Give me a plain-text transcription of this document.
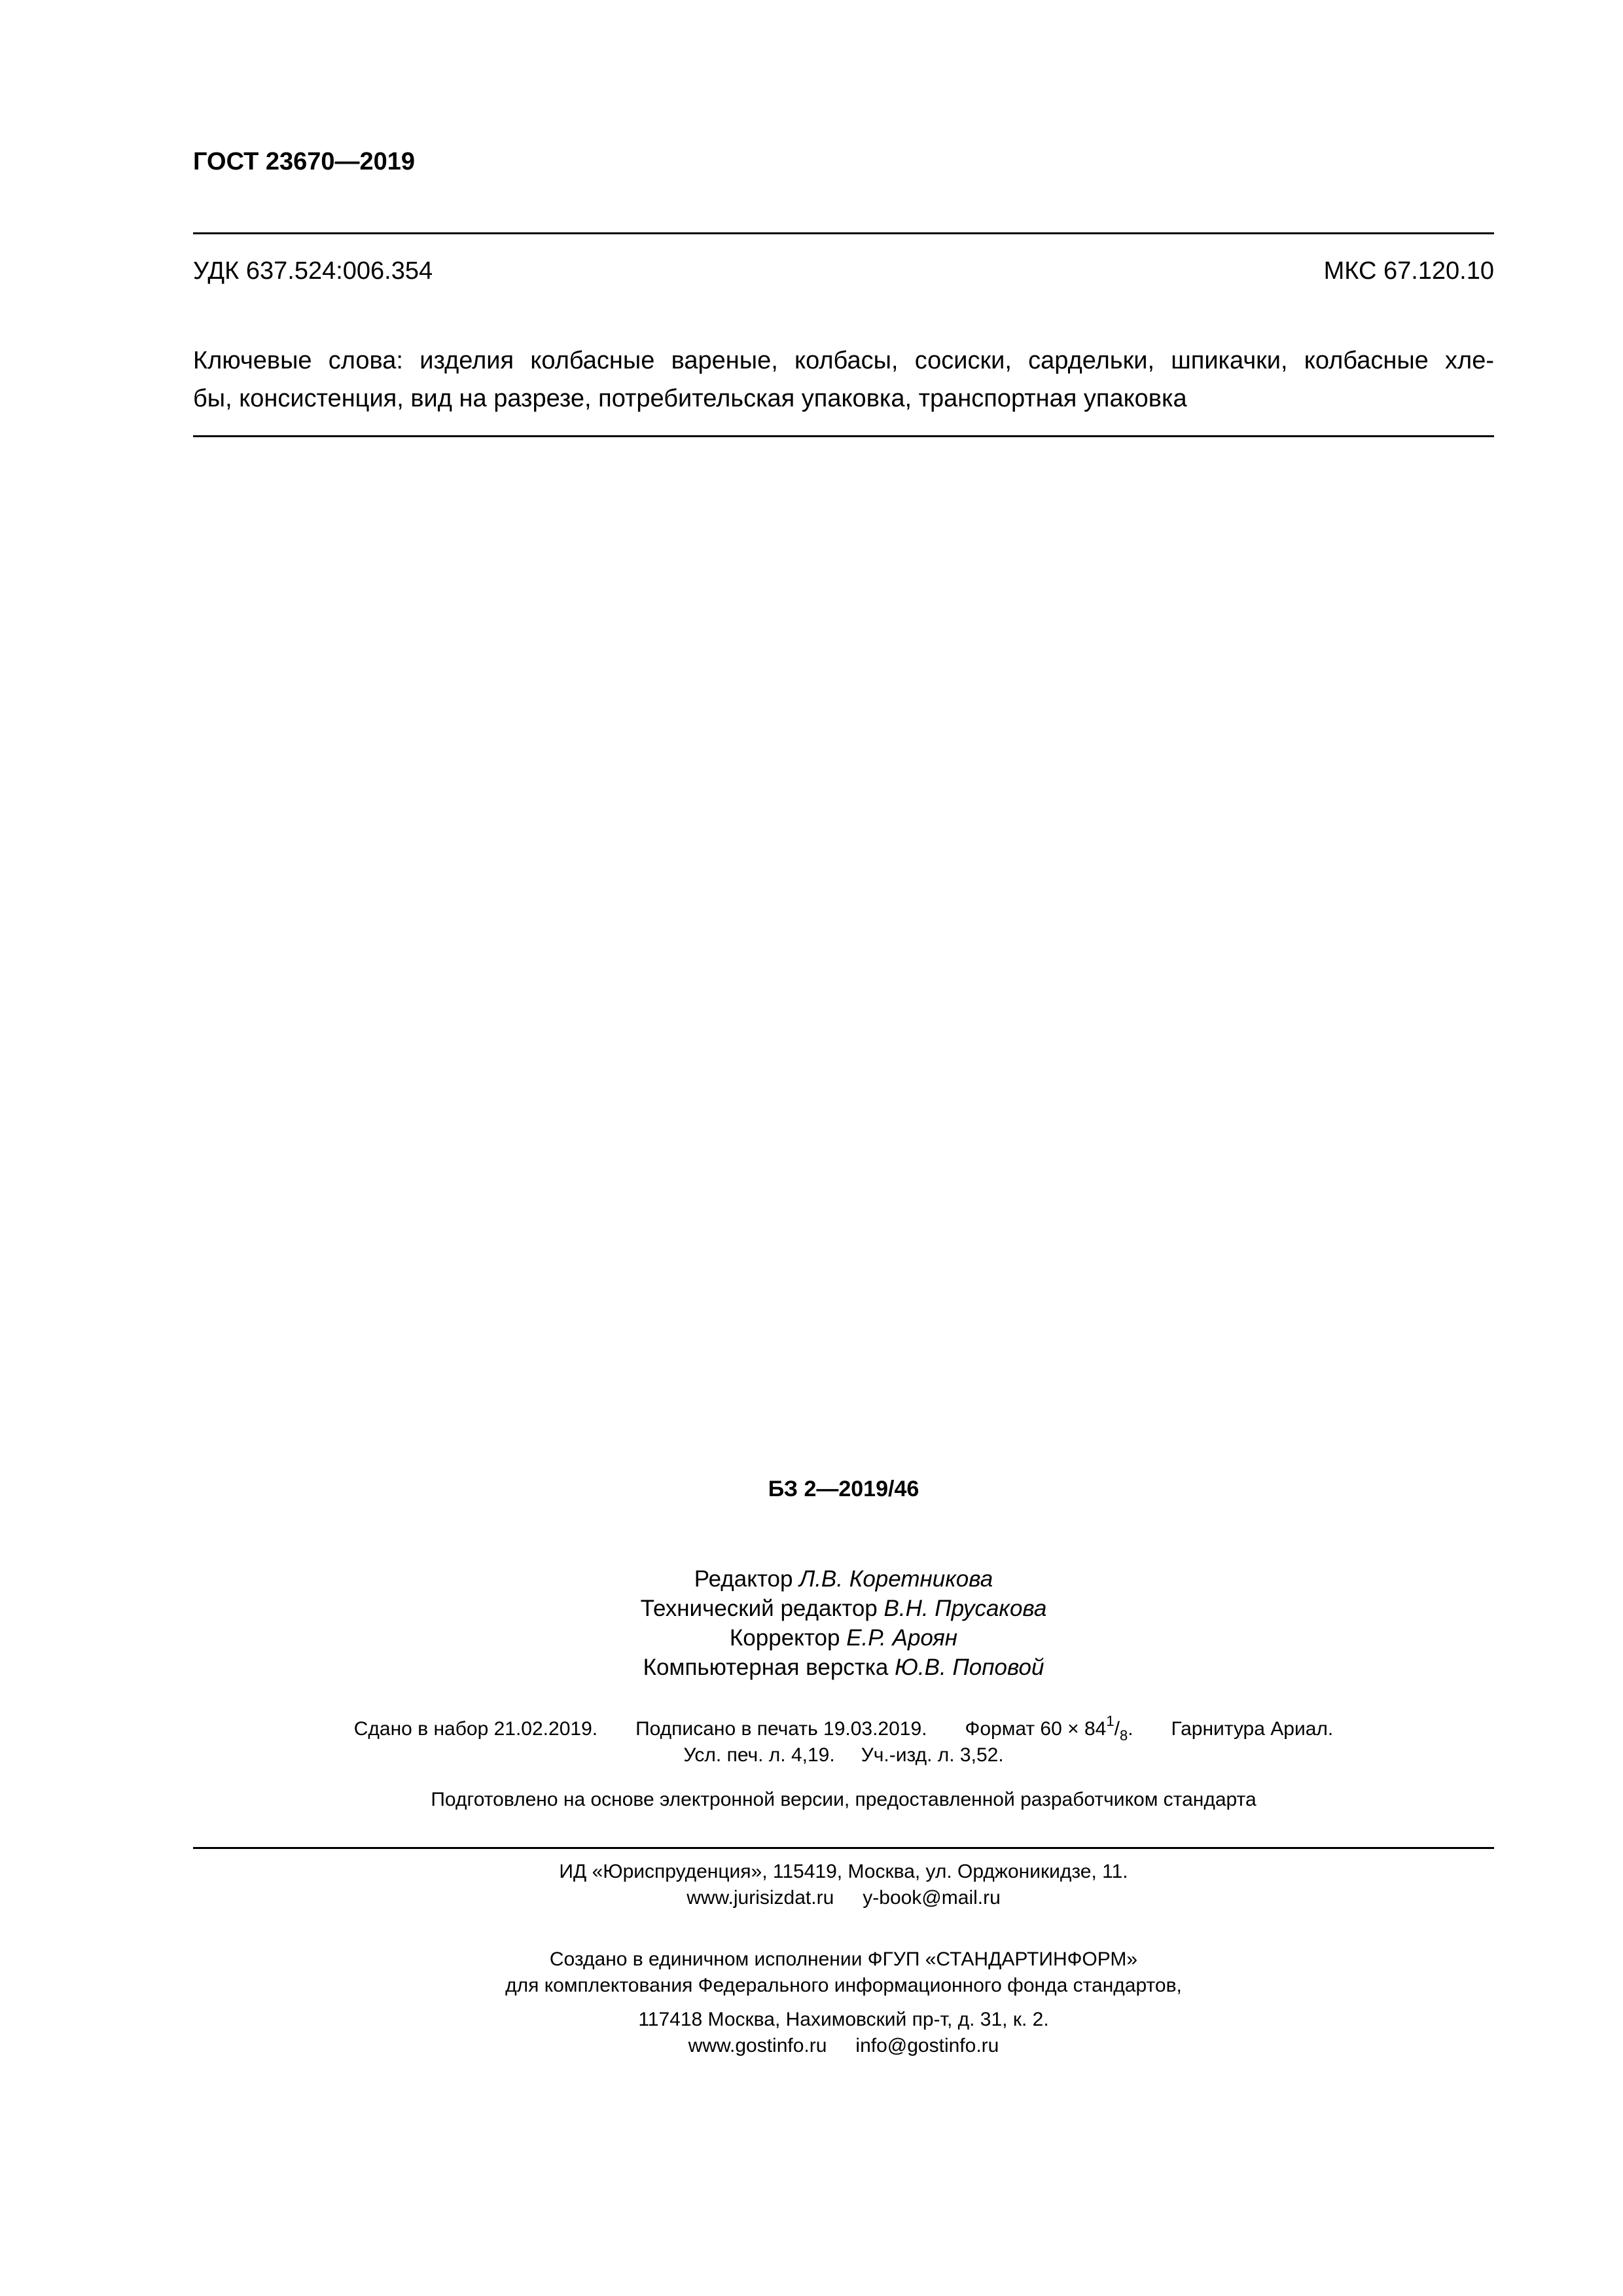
ГОСТ 23670—2019
УДК 637.524:006.354	МКС 67.120.10
Ключевые слова: изделия колбасные вареные, колбасы, сосиски, сардельки, шпикачки, колбасные хле-
бы, консистенция, вид на разрезе, потребительская упаковка, транспортная упаковка
БЗ 2—2019/46
Редактор Л.В. Коретникова
Технический редактор В.Н. Прусакова
Корректор Е.Р. Ароян
Компьютерная верстка Ю.В. Поповой
Сдано в набор 21.02.2019. Подписано в печать 19.03.2019. Формат $60 \times 84^1/_8$. Гарнитура Ариал.
Усл. печ. л. 4,19. Уч.-изд. л. 3,52.
Подготовлено на основе электронной версии, предоставленной разработчиком стандарта
ИД «Юриспруденция», 115419, Москва, ул. Орджоникидзе, 11.
www.jurisizdat.ru y-book@mail.ru
Создано в единичном исполнении ФГУП «СТАНДАРТИНФОРМ»
для комплектования Федерального информационного фонда стандартов,
117418 Москва, Нахимовский пр-т, д. 31, к. 2.
www.gostinfo.ru info@gostinfo.ru
